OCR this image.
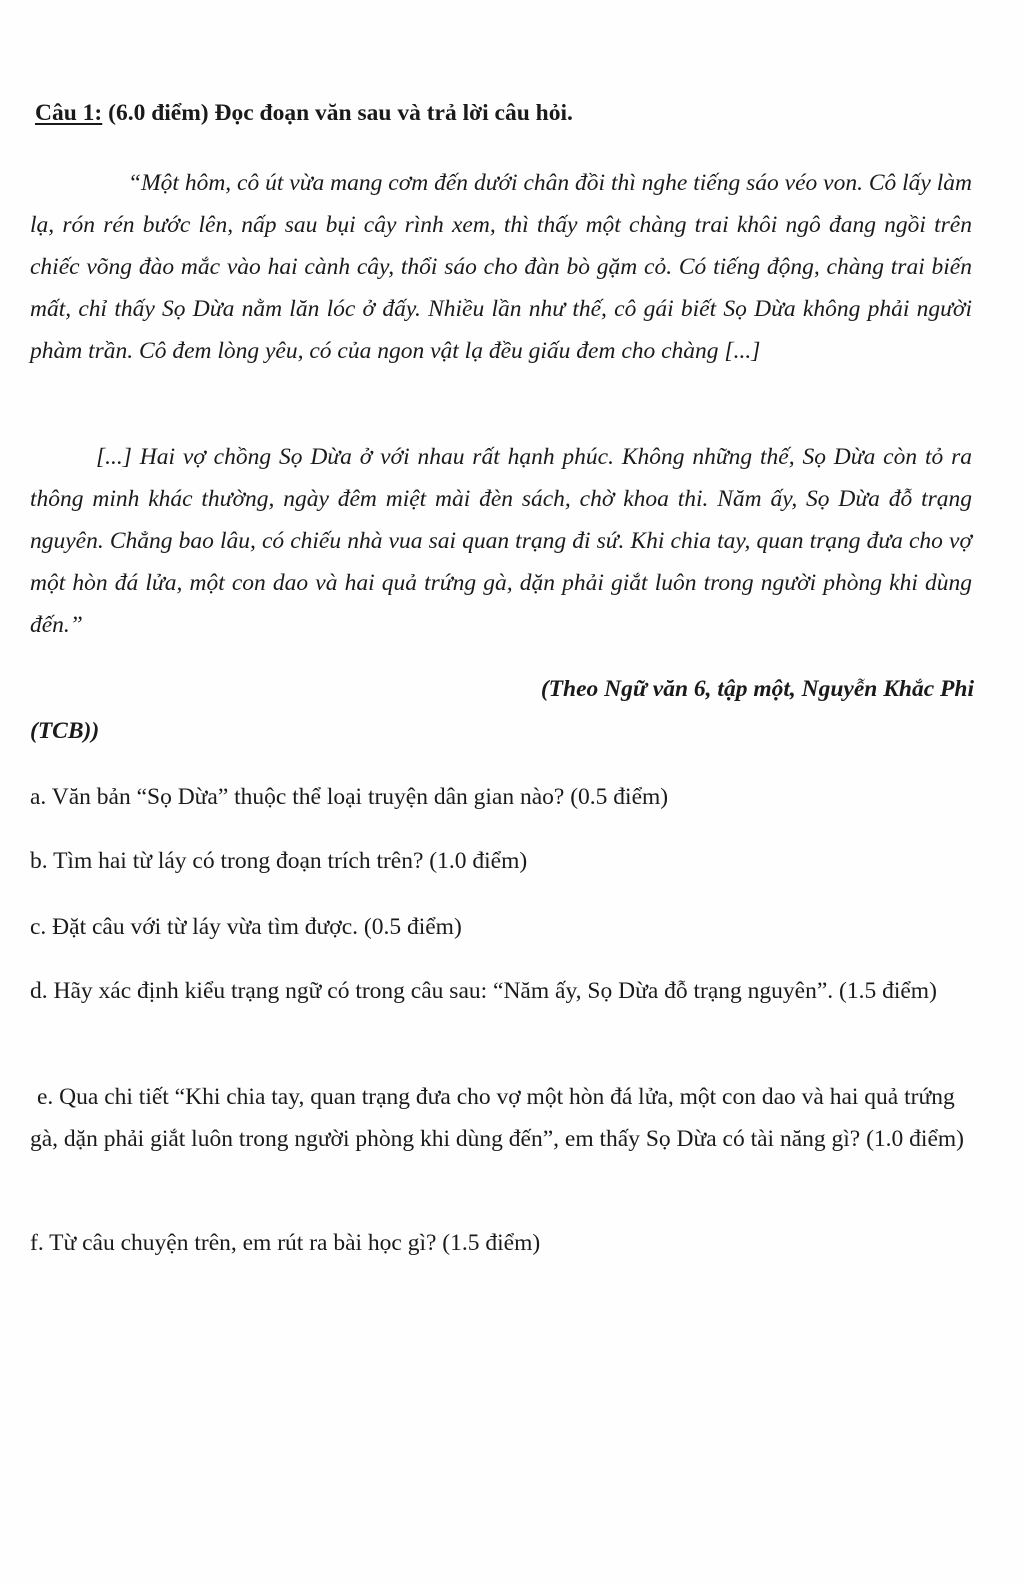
Câu 1: (6.0 điểm) Đọc đoạn văn sau và trả lời câu hỏi.

“Một hôm, cô út vừa mang cơm đến dưới chân đồi thì nghe tiếng sáo véo von. Cô lấy làm lạ, rón rén bước lên, nấp sau bụi cây rình xem, thì thấy một chàng trai khôi ngô đang ngồi trên chiếc võng đào mắc vào hai cành cây, thổi sáo cho đàn bò gặm cỏ. Có tiếng động, chàng trai biến mất, chỉ thấy Sọ Dừa nằm lăn lóc ở đấy. Nhiều lần như thế, cô gái biết Sọ Dừa không phải người phàm trần. Cô đem lòng yêu, có của ngon vật lạ đều giấu đem cho chàng [...]

[...] Hai vợ chồng Sọ Dừa ở với nhau rất hạnh phúc. Không những thế, Sọ Dừa còn tỏ ra thông minh khác thường, ngày đêm miệt mài đèn sách, chờ khoa thi. Năm ấy, Sọ Dừa đỗ trạng nguyên. Chẳng bao lâu, có chiếu nhà vua sai quan trạng đi sứ. Khi chia tay, quan trạng đưa cho vợ một hòn đá lửa, một con dao và hai quả trứng gà, dặn phải giắt luôn trong người phòng khi dùng đến.”

(Theo Ngữ văn 6, tập một, Nguyễn Khắc Phi
(TCB))

a. Văn bản “Sọ Dừa” thuộc thể loại truyện dân gian nào? (0.5 điểm)

b. Tìm hai từ láy có trong đoạn trích trên? (1.0 điểm)

c. Đặt câu với từ láy vừa tìm được. (0.5 điểm)

d. Hãy xác định kiểu trạng ngữ có trong câu sau: “Năm ấy, Sọ Dừa đỗ trạng nguyên”. (1.5 điểm)

e. Qua chi tiết “Khi chia tay, quan trạng đưa cho vợ một hòn đá lửa, một con dao và hai quả trứng gà, dặn phải giắt luôn trong người phòng khi dùng đến”, em thấy Sọ Dừa có tài năng gì? (1.0 điểm)

f. Từ câu chuyện trên, em rút ra bài học gì? (1.5 điểm)
